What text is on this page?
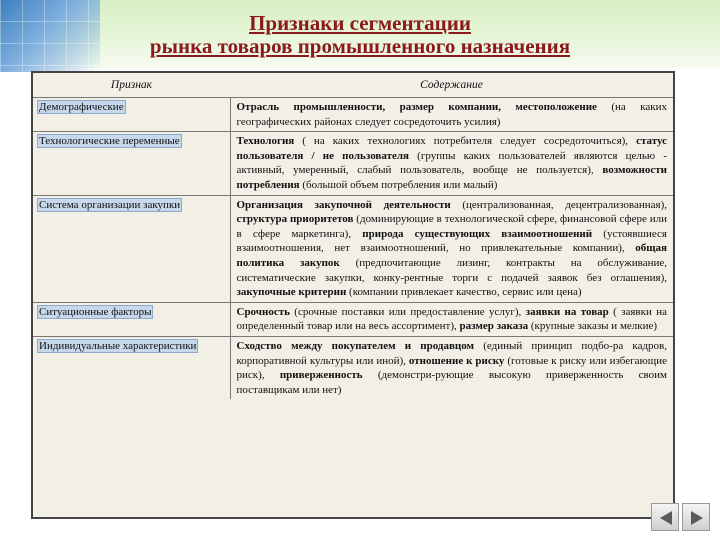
Признаки сегментации
рынка товаров промышленного назначения
Признак	Содержание
Демографические	Отрасль промышленности, размер компании, местоположение (на каких географических районах следует сосредоточить усилия)
Технологические переменные	Технология ( на каких технологиях потребителя следует сосредоточиться), статус пользователя / не пользователя (группы каких пользователей являются целью - активный, умеренный, слабый пользователь, вообще не пользуется), возможности потребления (большой объем потребления или малый)
Система организации закупки	Организация закупочной деятельности (централизованная, децентрализованная), структура приоритетов (доминирующие в технологической сфере, финансовой сфере или в сфере маркетинга), природа существующих взаимоотношений (устоявшиеся взаимоотношения, нет взаимоотношений, но привлекательные компании), общая политика закупок (предпочитающие лизинг, контракты на обслуживание, систематические закупки, конку-рентные торги с подачей заявок без оглашения), закупочные критерии (компании привлекает качество, сервис или цена)
Ситуационные факторы	Срочность (срочные поставки или предоставление услуг), заявки на товар ( заявки на определенный товар или на весь ассортимент), размер заказа (крупные заказы и мелкие)
Индивидуальные характеристики	Сходство между покупателем и продавцом (единый принцип подбо-ра кадров, корпоративной культуры или иной), отношение к риску (готовые к риску или избегающие риск), приверженность (демонстри-рующие высокую приверженность своим поставщикам или нет)
